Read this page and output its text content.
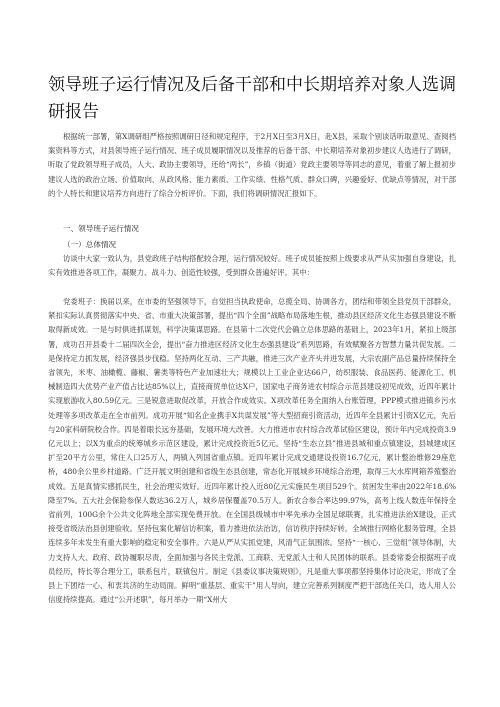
领导班子运行情况及后备干部和中长期培养对象人选调研报告

根据统一部署，第X调研组严格按照调研日径和规定程序，于2月X日至3月X日，赴X县，采取个别谈话听取意见、查阅档案资料等方式，对县领导班子运行情况、班子成员履职情况以及推荐的后备干部、中长期培养对象初步建议人选进行了调研，听取了党政领导班子成员，人大、政协主要领导，还给“两长”，乡镇（街道）党政主要领导等同志的意见，着重了解上报初步建议人选的政治立场、价值取向、从政风格、能力素质、工作实绩、性格气质、群众口碑，兴趣爱好、优缺点等情况，对干部的个人特长和建议培养方向进行了综合分析评价。下面，我们将调研情况汇报如下。

一、领导班子运行情况

（一）总体情况

访谈中大家一致认为，县党政班子结构搭配较合理，运行情况较好。班子成员能按照上级要求从严从实加强自身建设，扎实有效推进各项工作，凝聚力、战斗力、创造性较强，受到群众普遍好评。其中：

党委班子：换届以来，在市委的坚强领导下，自觉担当执政使命，总揽全局、协调各方，团结和带领全县党员干部群众，紧扣实际认真贯彻落实中央、省、市重大决策部署，提出“四个全面”战略布局落地生根，推动县区经济文化生态强县建设不断取得新成效。一是与时俱进抓谋划，科学决策谋思路。在县第十二次党代会确立总体思路的基础上，2023年1月，紧扣上级部署，成功召开县委十二届四次全会，提出“奋力推进区经济文化生态强县建设”系列思路，有效赋聚各方智慧力量共促发展。二是保持定力抓发展，经济强县步伐稳。坚持两化互动、三产共融，推进三次产业齐头并进发展，大宗农副产品总量持续保持全省领先，米枣、油橄榄、藤椒、薯类等特色产业加速壮大；规模以上工业企业达66户，纺织服装、食品医药、能源化工、机械制造四大优势产业产值占比达85%以上，直接商贸单位达X户，国家电子商务进农村综合示范县建设初见成效，近四年累计实现旅游收入80.59亿元。三是锐意进取促改革，开放合作成效实。X项改革任务全面纳入台账管理，PPP模式推进镇乡污水处理等多项改革走在全市前列。成功开展“知名企业携手X共谋发展”等大型招商引资活动，近四年全县累计引资X亿元，先后与20家科研院校合作。四是着眼长远夯基础，发展环境大改善。大力推进市农村综合改革试验区建设，预计年内完成投资3.9亿元以上；以X为重点的统筹城乡示范区建设，累计完成投资近5亿元。坚持“生态立县”推进县城和重点镇建设，县城建成区扩至20平方公里，常住人口25万人，两镇入列国省重点镇。近四年累计完成交通建设投资16.7亿元，累计整治维修29座危桥，480余公里乡村道路。广泛开展文明创建和省级生态县创建，常态化开展城乡环境综合治理，取得三大水库网箱养殖整治成效。五是真情实感抓民生，社会治理实效好。近四年累计投入近80亿元实施民生项目529个。贫困发生率由2022年18.6%降至7%。五大社会保险参保人数达36.2万人，城乡居保覆盖70.5万人。新农合参合率达99.97%，高考上线人数连年保持全省前列，100G余个公共文化阵地全部实现免费开放。在全国县级城市中率先承办全国足球联赛，扎实推进法治X建设，正式接受省级法治县创建验收。坚持包案化解信访积案，着力推进依法治访，信访秩序持续好转。全域推行网格化服务管理，全县连续多年未发生有重大影响的稳定和安全事件。六是从严从实抓党建，风清气正氛围浓。坚持“一核心、三觉组”领导体制，大力支持人大、政府、政协履职尽责，全面加强与各民主党派、工商联、无党派人士和人民团体的联系。县委常委会根据班子成员经历，特长等合理分工，联系包片，联镇包片。制定《县委议事决策规则》，凡是重大事项都坚持集体讨论决定，形成了全县上下团结一心、和衷共济的生动局面。鲜明“重基层、重实干”用人导向，建立完善系列制度严把干部选任关口，选人用人公信度持续提高。通过“公开述职”，每月举办一期“X州大
